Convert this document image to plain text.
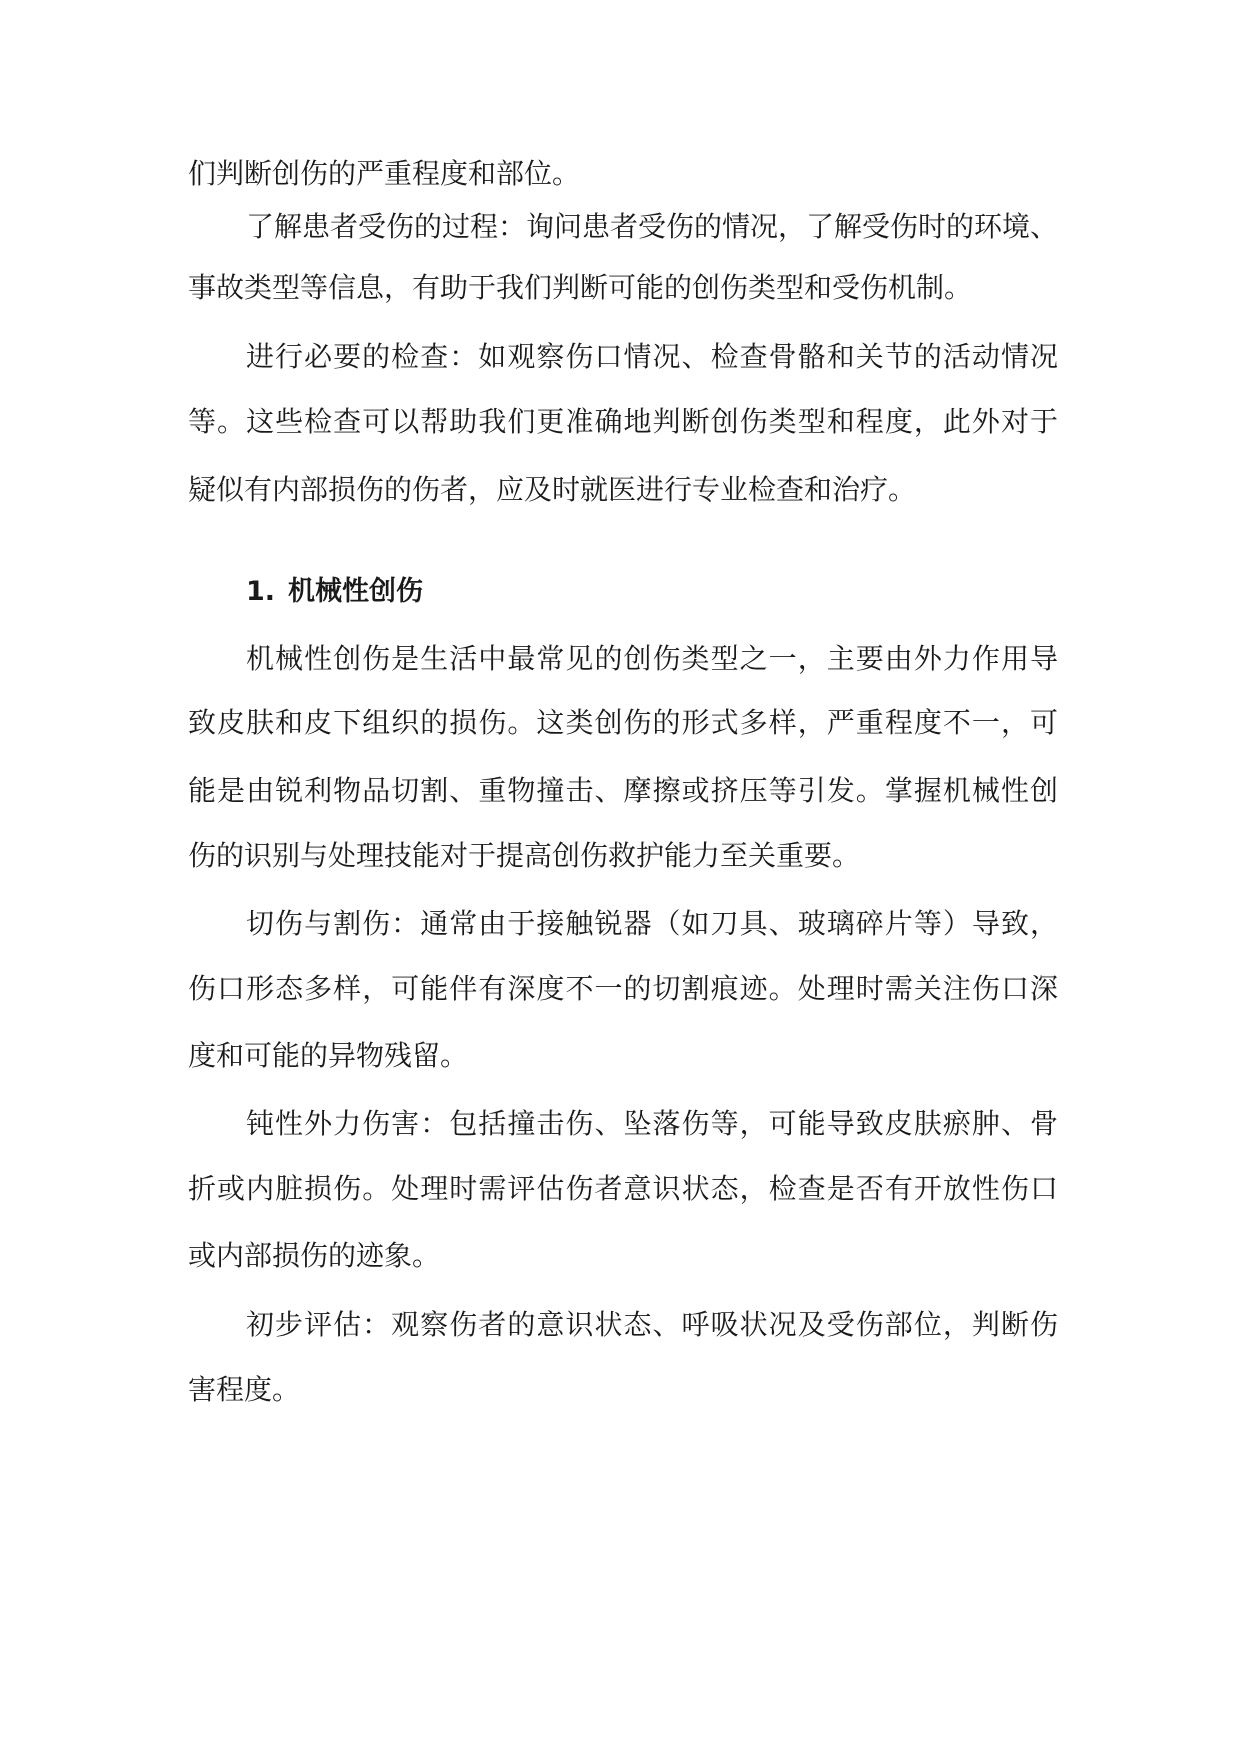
们判断创伤的严重程度和部位。

了解患者受伤的过程：询问患者受伤的情况，了解受伤时的环境、

事故类型等信息，有助于我们判断可能的创伤类型和受伤机制。

进行必要的检查：如观察伤口情况、检查骨骼和关节的活动情况

等。这些检查可以帮助我们更准确地判断创伤类型和程度，此外对于

疑似有内部损伤的伤者，应及时就医进行专业检查和治疗。

1. 机械性创伤

机械性创伤是生活中最常见的创伤类型之一，主要由外力作用导

致皮肤和皮下组织的损伤。这类创伤的形式多样，严重程度不一，可

能是由锐利物品切割、重物撞击、摩擦或挤压等引发。掌握机械性创

伤的识别与处理技能对于提高创伤救护能力至关重要。

切伤与割伤：通常由于接触锐器（如刀具、玻璃碎片等）导致，

伤口形态多样，可能伴有深度不一的切割痕迹。处理时需关注伤口深

度和可能的异物残留。

钝性外力伤害：包括撞击伤、坠落伤等，可能导致皮肤瘀肿、骨

折或内脏损伤。处理时需评估伤者意识状态，检查是否有开放性伤口

或内部损伤的迹象。

初步评估：观察伤者的意识状态、呼吸状况及受伤部位，判断伤

害程度。
